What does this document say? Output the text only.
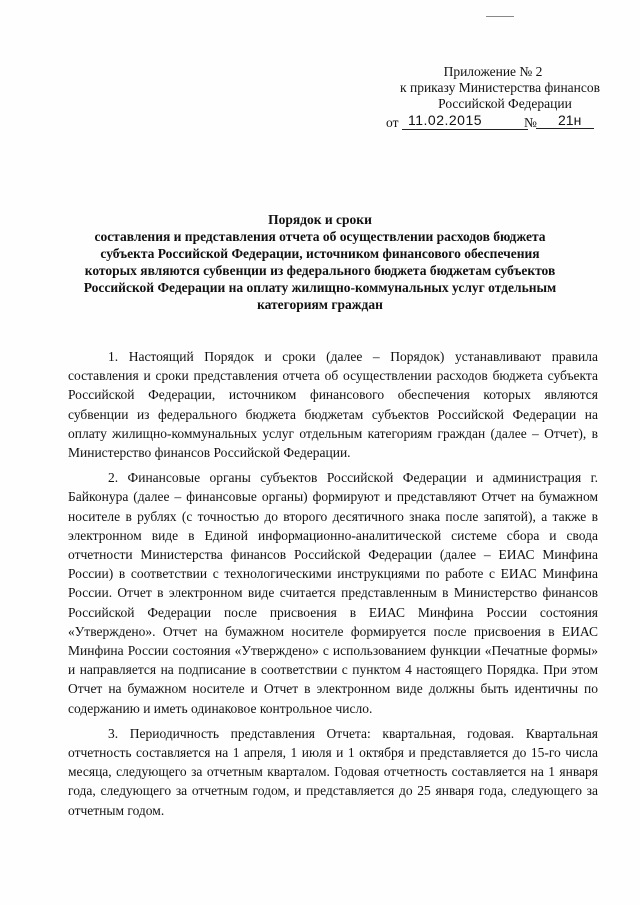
Приложение № 2
к приказу Министерства финансов
Российской Федерации
от 11.02.2015	№	21н
Порядок и сроки
составления и представления отчета об осуществлении расходов бюджета
субъекта Российской Федерации, источником финансового обеспечения
которых являются субвенции из федерального бюджета бюджетам субъектов
Российской Федерации на оплату жилищно-коммунальных услуг отдельным
категориям граждан

1. Настоящий Порядок и сроки (далее – Порядок) устанавливают правила составления и сроки представления отчета об осуществлении расходов бюджета субъекта Российской Федерации, источником финансового обеспечения которых являются субвенции из федерального бюджета бюджетам субъектов Российской Федерации на оплату жилищно-коммунальных услуг отдельным категориям граждан (далее – Отчет), в Министерство финансов Российской Федерации.

2. Финансовые органы субъектов Российской Федерации и администрация г. Байконура (далее – финансовые органы) формируют и представляют Отчет на бумажном носителе в рублях (с точностью до второго десятичного знака после запятой), а также в электронном виде в Единой информационно-аналитической системе сбора и свода отчетности Министерства финансов Российской Федерации (далее – ЕИАС Минфина России) в соответствии с технологическими инструкциями по работе с ЕИАС Минфина России. Отчет в электронном виде считается представленным в Министерство финансов Российской Федерации после присвоения в ЕИАС Минфина России состояния «Утверждено». Отчет на бумажном носителе формируется после присвоения в ЕИАС Минфина России состояния «Утверждено» с использованием функции «Печатные формы» и направляется на подписание в соответствии с пунктом 4 настоящего Порядка. При этом Отчет на бумажном носителе и Отчет в электронном виде должны быть идентичны по содержанию и иметь одинаковое контрольное число.

3. Периодичность представления Отчета: квартальная, годовая. Квартальная отчетность составляется на 1 апреля, 1 июля и 1 октября и представляется до 15-го числа месяца, следующего за отчетным кварталом. Годовая отчетность составляется на 1 января года, следующего за отчетным годом, и представляется до 25 января года, следующего за отчетным годом.
